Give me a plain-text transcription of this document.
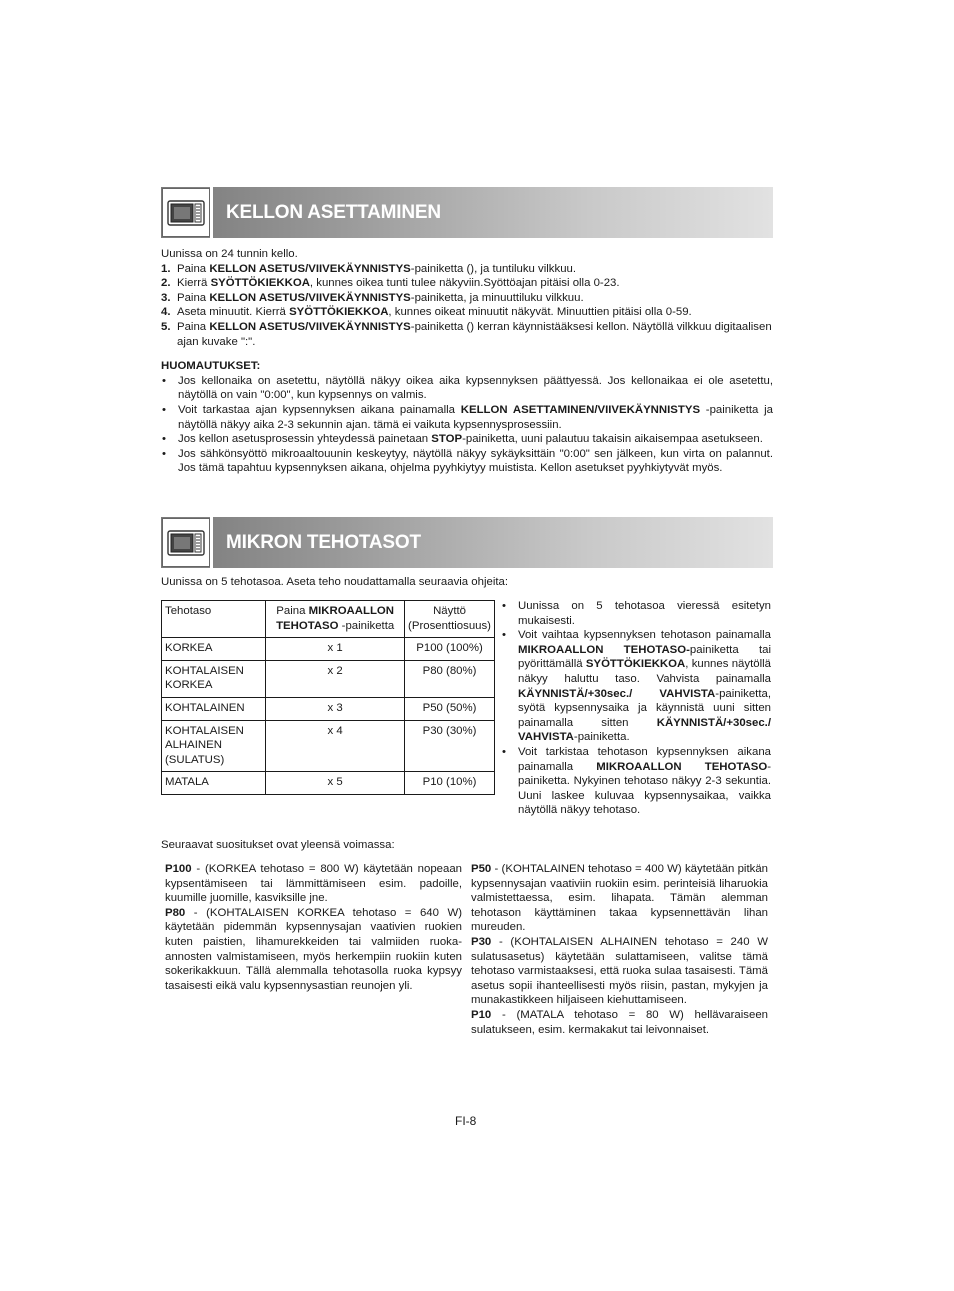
KELLON ASETTAMINEN

Uunissa on 24 tunnin kello.

1. Paina KELLON ASETUS/VIIVEKÄYNNISTYS-painiketta (), ja tuntiluku vilkkuu.
2. Kierrä SYÖTTÖKIEKKOA, kunnes oikea tunti tulee näkyviin.Syöttöajan pitäisi olla 0-23.
3. Paina KELLON ASETUS/VIIVEKÄYNNISTYS-painiketta, ja minuuttiluku vilkkuu.
4. Aseta minuutit. Kierrä SYÖTTÖKIEKKOA, kunnes oikeat minuutit näkyvät. Minuuttien pitäisi olla 0-59.
5. Paina KELLON ASETUS/VIIVEKÄYNNISTYS-painiketta () kerran käynnistääksesi kellon. Näytöllä vilkkuu digitaalisen ajan kuvake ":".

HUOMAUTUKSET:

•	Jos kellonaika on asetettu, näytöllä näkyy oikea aika kypsennyksen päättyessä. Jos kellonaikaa ei ole asetettu, näytöllä on vain "0:00", kun kypsennys on valmis.
•	Voit tarkastaa ajan kypsennyksen aikana painamalla KELLON ASETTAMINEN/VIIVEKÄYNNISTYS -painiketta ja näytöllä näkyy aika 2-3 sekunnin ajan. tämä ei vaikuta kypsennysprosessiin.
•	Jos kellon asetusprosessin yhteydessä painetaan STOP-painiketta, uuni palautuu takaisin aikaisempaa asetukseen.
•	Jos sähkönsyöttö mikroaaltouunin keskeytyy, näytöllä näkyy sykäyksittäin "0:00" sen jälkeen, kun virta on palannut. Jos tämä tapahtuu kypsennyksen aikana, ohjelma pyyhkiytyy muistista. Kellon asetukset pyyhkiytyvät myös.
MIKRON TEHOTASOT

Uunissa on 5 tehotasoa. Aseta teho noudattamalla seuraavia ohjeita:

Tehotaso	Paina MIKROAALLON TEHOTASO -painiketta	Näyttö (Prosenttiosuus)
KORKEA	x 1	P100 (100%)
KOHTALAISEN KORKEA	x 2	P80 (80%)
KOHTALAINEN	x 3	P50 (50%)
KOHTALAISEN ALHAINEN (SULATUS)	x 4	P30 (30%)
MATALA	x 5	P10 (10%)
•	Uunissa on 5 tehotasoa vieressä esitetyn mukaisesti.
•	Voit vaihtaa kypsennyksen tehotason painamalla MIKROAALLON TEHOTASO-painiketta tai pyörittämällä SYÖTTÖKIEKKOA, kunnes näytöllä näkyy haluttu taso. Vahvista painamalla KÄYNNISTÄ/+30sec./ VAHVISTA-painiketta, syötä kypsennysaika ja käynnistä uuni sitten painamalla sitten KÄYNNISTÄ/+30sec./ VAHVISTA-painiketta.
•	Voit tarkistaa tehotason kypsennyksen aikana painamalla MIKROAALLON TEHOTASO-painiketta. Nykyinen tehotaso näkyy 2-3 sekuntia. Uuni laskee kuluvaa kypsennysaikaa, vaikka näytöllä näkyy tehotaso.

Seuraavat suositukset ovat yleensä voimassa:

P100 - (KORKEA tehotaso = 800 W) käytetään nopeaan kypsentämiseen tai lämmittämiseen esim. padoille, kuumille juomille, kasviksille jne.

P80 - (KOHTALAISEN KORKEA tehotaso = 640 W) käytetään pidemmän kypsennysajan vaativien ruokien kuten paistien, lihamurekkeiden tai valmiiden ruoka-annosten valmistamiseen, myös herkempiin ruokiin kuten sokerikakkuun. Tällä alemmalla tehotasolla ruoka kypsyy tasaisesti eikä valu kypsennysastian reunojen yli.

P50 - (KOHTALAINEN tehotaso = 400 W) käytetään pitkän kypsennysajan vaativiin ruokiin esim. perinteisiä liharuokia valmistettaessa, esim. lihapata. Tämän alemman tehotason käyttäminen takaa kypsennettävän lihan mureuden.

P30 - (KOHTALAISEN ALHAINEN tehotaso = 240 W sulatusasetus) käytetään sulattamiseen, valitse tämä tehotaso varmistaaksesi, että ruoka sulaa tasaisesti. Tämä asetus sopii ihanteellisesti myös riisin, pastan, mykyjen ja munakastikkeen hiljaiseen kiehuttamiseen.

P10 - (MATALA tehotaso = 80 W) hellävaraiseen sulatukseen, esim. kermakakut tai leivonnaiset.

FI-8
